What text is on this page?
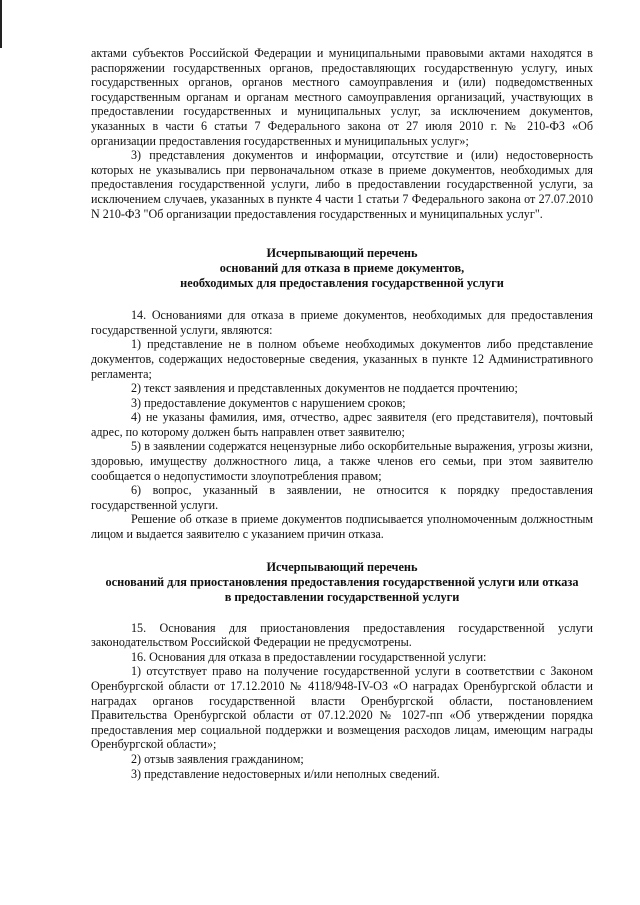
актами субъектов Российской Федерации и муниципальными правовыми актами находятся в распоряжении государственных органов, предоставляющих государственную услугу, иных государственных органов, органов местного самоуправления и (или) подведомственных государственным органам и органам местного самоуправления организаций, участвующих в предоставлении государственных и муниципальных услуг, за исключением документов, указанных в части 6 статьи 7 Федерального закона от 27 июля 2010 г. № 210-ФЗ «Об организации предоставления государственных и муниципальных услуг»;

3) представления документов и информации, отсутствие и (или) недостоверность которых не указывались при первоначальном отказе в приеме документов, необходимых для предоставления государственной услуги, либо в предоставлении государственной услуги, за исключением случаев, указанных в пункте 4 части 1 статьи 7 Федерального закона от 27.07.2010 N 210-ФЗ "Об организации предоставления государственных и муниципальных услуг".

Исчерпывающий перечень
оснований для отказа в приеме документов,
необходимых для предоставления государственной услуги

14. Основаниями для отказа в приеме документов, необходимых для предоставления государственной услуги, являются:

1) представление не в полном объеме необходимых документов либо представление документов, содержащих недостоверные сведения, указанных в пункте 12 Административного регламента;

2) текст заявления и представленных документов не поддается прочтению;

3) предоставление документов с нарушением сроков;

4) не указаны фамилия, имя, отчество, адрес заявителя (его представителя), почтовый адрес, по которому должен быть направлен ответ заявителю;

5) в заявлении содержатся нецензурные либо оскорбительные выражения, угрозы жизни, здоровью, имуществу должностного лица, а также членов его семьи, при этом заявителю сообщается о недопустимости злоупотребления правом;

6) вопрос, указанный в заявлении, не относится к порядку предоставления государственной услуги.

Решение об отказе в приеме документов подписывается уполномоченным должностным лицом и выдается заявителю с указанием причин отказа.

Исчерпывающий перечень
оснований для приостановления предоставления государственной услуги или отказа
в предоставлении государственной услуги

15. Основания для приостановления предоставления государственной услуги законодательством Российской Федерации не предусмотрены.

16. Основания для отказа в предоставлении государственной услуги:

1) отсутствует право на получение государственной услуги в соответствии с Законом Оренбургской области от 17.12.2010 № 4118/948-IV-ОЗ «О наградах Оренбургской области и наградах органов государственной власти Оренбургской области, постановлением Правительства Оренбургской области от 07.12.2020 № 1027-пп «Об утверждении порядка предоставления мер социальной поддержки и возмещения расходов лицам, имеющим награды Оренбургской области»;

2) отзыв заявления гражданином;

3) представление недостоверных и/или неполных сведений.
